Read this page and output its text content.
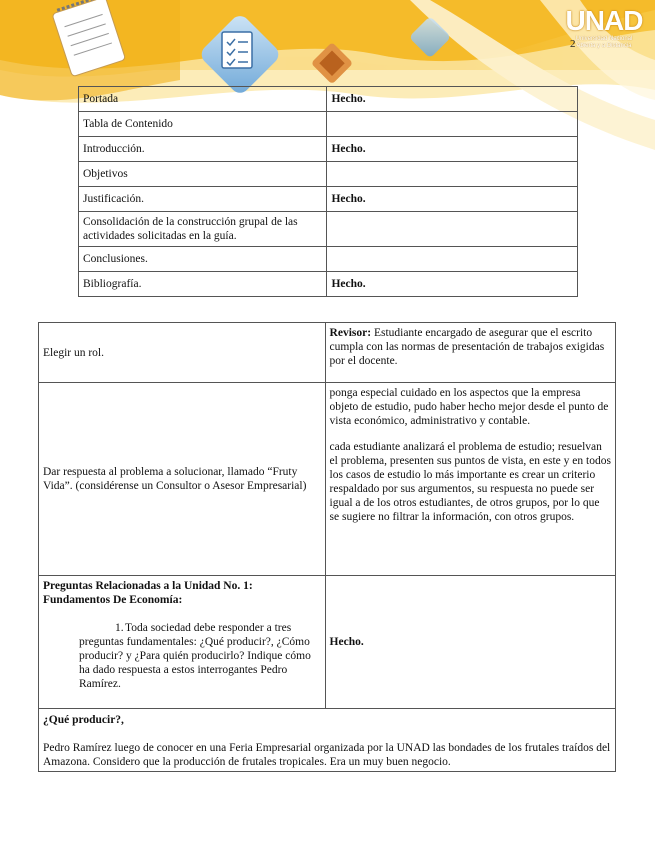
UNAD
Universidad Nacional
Abierta y a Distancia
2
Portada	Hecho.
Tabla de Contenido	
Introducción.	Hecho.
Objetivos	
Justificación.	Hecho.
Consolidación de la construcción grupal de las actividades solicitadas en la guía.	
Conclusiones.	
Bibliografía.	Hecho.
Elegir un rol.	Revisor: Estudiante encargado de asegurar que el escrito cumpla con las normas de presentación de trabajos exigidas por el docente.
Dar respuesta al problema a solucionar, llamado “Fruty Vida”. (considérense un Consultor o Asesor Empresarial)	ponga especial cuidado en los aspectos que la empresa objeto de estudio, pudo haber hecho mejor desde el punto de vista económico, administrativo y contable.
cada estudiante analizará el problema de estudio; resuelvan el problema, presenten sus puntos de vista, en este y en todos los casos de estudio lo más importante es crear un criterio respaldado por sus argumentos, su respuesta no puede ser igual a de los otros estudiantes, de otros grupos, por lo que se sugiere no filtrar la información, con otros grupos.

Preguntas Relacionadas a la Unidad No. 1: Fundamentos De Economía:
1. Toda sociedad debe responder a tres preguntas fundamentales: ¿Qué producir?, ¿Cómo producir? y ¿Para quién producirlo? Indique cómo ha dado respuesta a estos interrogantes Pedro Ramírez.	Hecho.

¿Qué producir?,
Pedro Ramírez luego de conocer en una Feria Empresarial organizada por la UNAD las bondades de los frutales traídos del Amazona. Considero que la producción de frutales tropicales. Era un muy buen negocio.	
